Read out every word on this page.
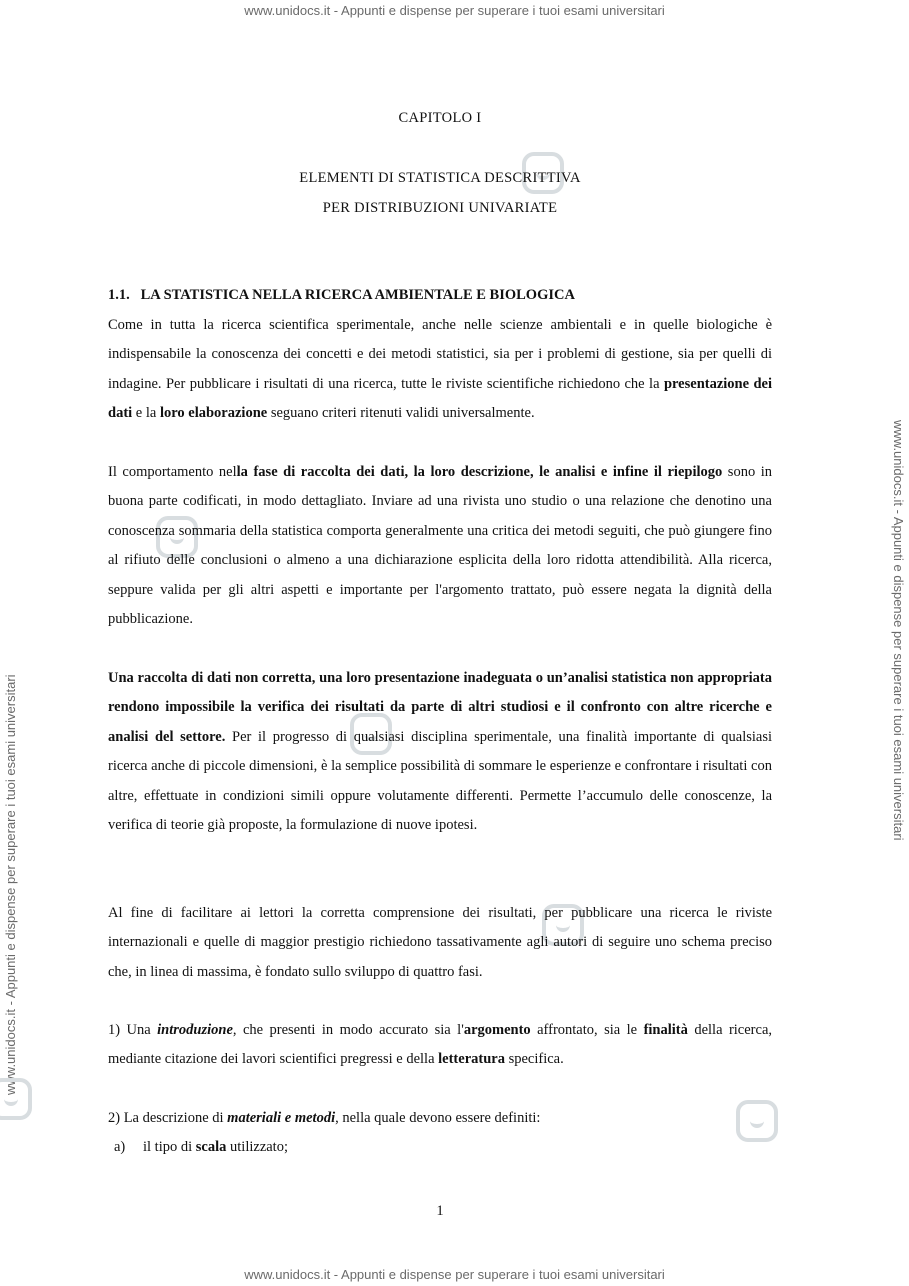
www.unidocs.it - Appunti e dispense per superare i tuoi esami universitari
www.unidocs.it - Appunti e dispense per superare i tuoi esami universitari
www.unidocs.it - Appunti e dispense per superare i tuoi esami universitari
www.unidocs.it - Appunti e dispense per superare i tuoi esami universitari
CAPITOLO I
ELEMENTI DI STATISTICA DESCRITTIVA
PER DISTRIBUZIONI UNIVARIATE
1.1.   LA STATISTICA NELLA RICERCA AMBIENTALE E BIOLOGICA
Come in tutta la ricerca scientifica sperimentale, anche nelle scienze ambientali e in quelle biologiche è indispensabile la conoscenza dei concetti e dei metodi statistici, sia per i problemi di gestione, sia per quelli di indagine. Per pubblicare i risultati di una ricerca, tutte le riviste scientifiche richiedono che la presentazione dei dati e la loro elaborazione seguano criteri ritenuti validi universalmente.
Il comportamento nella fase di raccolta dei dati, la loro descrizione, le analisi e infine il riepilogo sono in buona parte codificati, in modo dettagliato. Inviare ad una rivista uno studio o una relazione che denotino una conoscenza sommaria della statistica comporta generalmente una critica dei metodi seguiti, che può giungere fino al rifiuto delle conclusioni o almeno a una dichiarazione esplicita della loro ridotta attendibilità. Alla ricerca, seppure valida per gli altri aspetti e importante per l'argomento trattato, può essere negata la dignità della pubblicazione.
Una raccolta di dati non corretta, una loro presentazione inadeguata o un’analisi statistica non appropriata rendono impossibile la verifica dei risultati da parte di altri studiosi e il confronto con altre ricerche e analisi del settore. Per il progresso di qualsiasi disciplina sperimentale, una finalità importante di qualsiasi ricerca anche di piccole dimensioni, è la semplice possibilità di sommare le esperienze e confrontare i risultati con altre, effettuate in condizioni simili oppure volutamente differenti. Permette l’accumulo delle conoscenze, la verifica di teorie già proposte, la formulazione di nuove ipotesi.
Al fine di facilitare ai lettori la corretta comprensione dei risultati, per pubblicare una ricerca le riviste internazionali e quelle di maggior prestigio richiedono tassativamente agli autori di seguire uno schema preciso che, in linea di massima, è fondato sullo sviluppo di quattro fasi.
1) Una introduzione, che presenti in modo accurato sia l'argomento affrontato, sia le finalità della ricerca, mediante citazione dei lavori scientifici pregressi e della letteratura specifica.
2) La descrizione di materiali e metodi, nella quale devono essere definiti:
a) il tipo di scala utilizzato;
1
